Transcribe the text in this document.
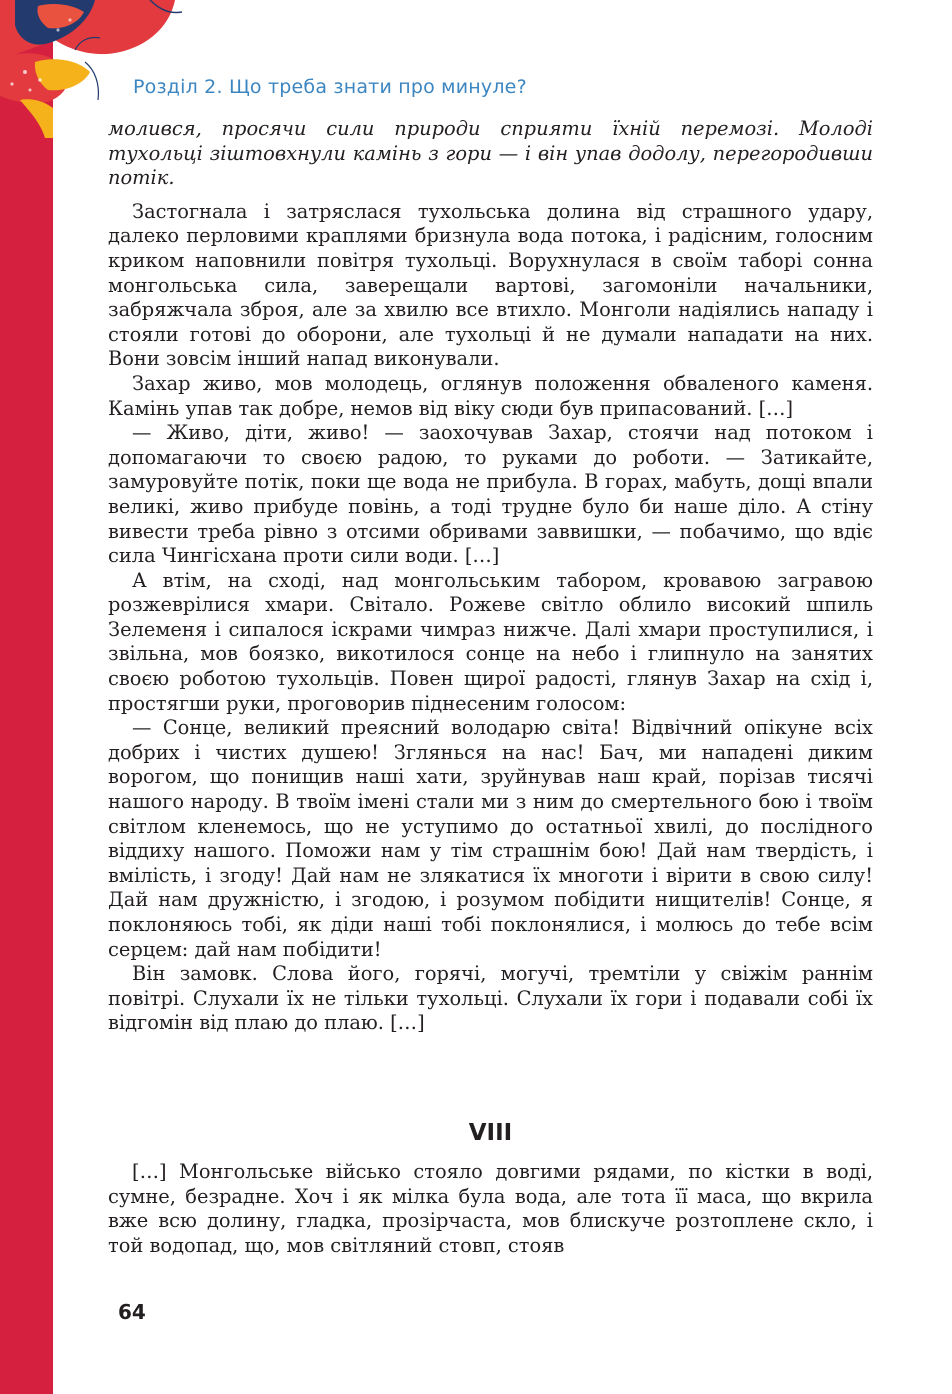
Розділ 2. Що треба знати про минуле?

молився, просячи сили природи сприяти їхній перемозі. Молоді тухольці зіштовхнули камінь з гори — і він упав додолу, перегородивши потік.

Застогнала і затряслася тухольська долина від страшного удару, далеко перловими краплями бризнула вода потока, і радісним, голосним криком наповнили повітря тухольці. Ворухнулася в своїм таборі сонна монгольська сила, заверещали вартові, загомоніли начальники, забряжчала зброя, але за хвилю все втихло. Монголи надіялись нападу і стояли готові до оборони, але тухольці й не думали нападати на них. Вони зовсім інший напад виконували.

Захар живо, мов молодець, оглянув положення обваленого каменя. Камінь упав так добре, немов від віку сюди був припасований. […]

— Живо, діти, живо! — заохочував Захар, стоячи над потоком і допомагаючи то своєю радою, то руками до роботи. — Затикайте, замуровуйте потік, поки ще вода не прибула. В горах, мабуть, дощі впали великі, живо прибуде повінь, а тоді трудне було би наше діло. А стіну вивести треба рівно з отсими обривами заввишки, — побачимо, що вдіє сила Чингісхана проти сили води. […]

А втім, на сході, над монгольським табором, кровавою загравою розжеврілися хмари. Світало. Рожеве світло облило високий шпиль Зелеменя і сипалося іскрами чимраз нижче. Далі хмари проступилися, і звільна, мов боязко, викотилося сонце на небо і глипнуло на занятих своєю роботою тухольців. Повен щирої радості, глянув Захар на схід і, простягши руки, проговорив піднесеним голосом:

— Сонце, великий преясний володарю світа! Відвічний опікуне всіх добрих і чистих душею! Зглянься на нас! Бач, ми нападені диким ворогом, що понищив наші хати, зруйнував наш край, порізав тисячі нашого народу. В твоїм імені стали ми з ним до смертельного бою і твоїм світлом кленемось, що не уступимо до остатньої хвилі, до послідного віддиху нашого. Поможи нам у тім страшнім бою! Дай нам твердість, і вмілість, і згоду! Дай нам не злякатися їх многоти і вірити в свою силу! Дай нам дружністю, і згодою, і розумом побідити нищителів! Сонце, я поклоняюсь тобі, як діди наші тобі поклонялися, і молюсь до тебе всім серцем: дай нам побідити!

Він замовк. Слова його, горячі, могучі, тремтіли у свіжім раннім повітрі. Слухали їх не тільки тухольці. Слухали їх гори і подавали собі їх відгомін від плаю до плаю. […]

VIII

[…] Монгольське військо стояло довгими рядами, по кістки в воді, сумне, безрадне. Хоч і як мілка була вода, але тота її маса, що вкрила вже всю долину, гладка, прозірчаста, мов блискуче розтоплене скло, і той водопад, що, мов світляний стовп, стояв

64
